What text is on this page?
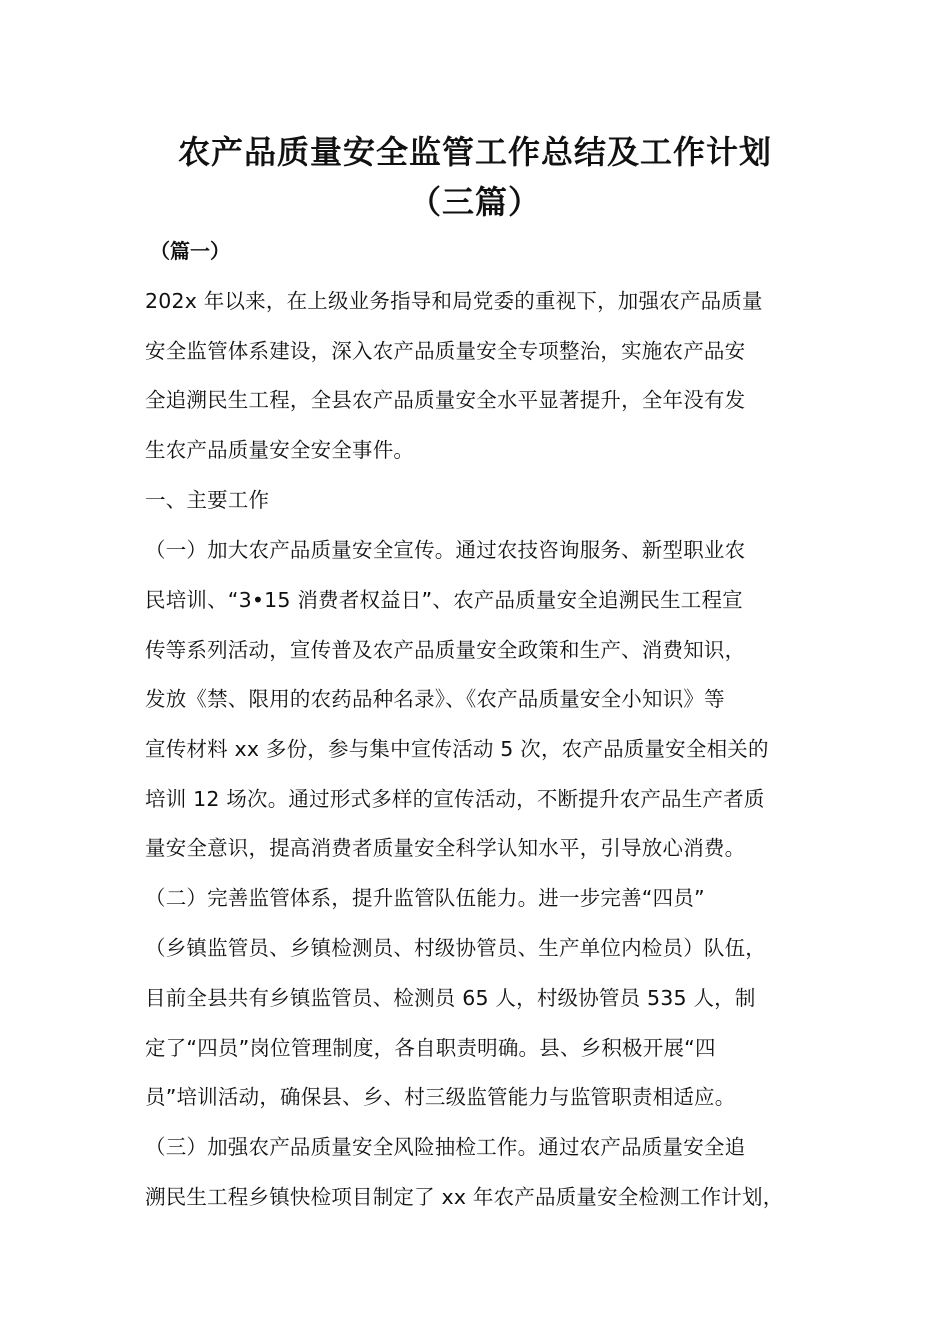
农产品质量安全监管工作总结及工作计划
（三篇）
（篇一）
202x 年以来，在上级业务指导和局党委的重视下，加强农产品质量
安全监管体系建设，深入农产品质量安全专项整治，实施农产品安
全追溯民生工程，全县农产品质量安全水平显著提升，全年没有发
生农产品质量安全安全事件。
一、主要工作
（一）加大农产品质量安全宣传。通过农技咨询服务、新型职业农
民培训、“3•15 消费者权益日”、农产品质量安全追溯民生工程宣
传等系列活动，宣传普及农产品质量安全政策和生产、消费知识，
发放《禁、限用的农药品种名录》、《农产品质量安全小知识》等
宣传材料 xx 多份，参与集中宣传活动 5 次，农产品质量安全相关的
培训 12 场次。通过形式多样的宣传活动，不断提升农产品生产者质
量安全意识，提高消费者质量安全科学认知水平，引导放心消费。
（二）完善监管体系，提升监管队伍能力。进一步完善“四员”
（乡镇监管员、乡镇检测员、村级协管员、生产单位内检员）队伍，
目前全县共有乡镇监管员、检测员 65 人，村级协管员 535 人，制
定了“四员”岗位管理制度，各自职责明确。县、乡积极开展“四
员”培训活动，确保县、乡、村三级监管能力与监管职责相适应。
（三）加强农产品质量安全风险抽检工作。通过农产品质量安全追
溯民生工程乡镇快检项目制定了 xx 年农产品质量安全检测工作计划，
